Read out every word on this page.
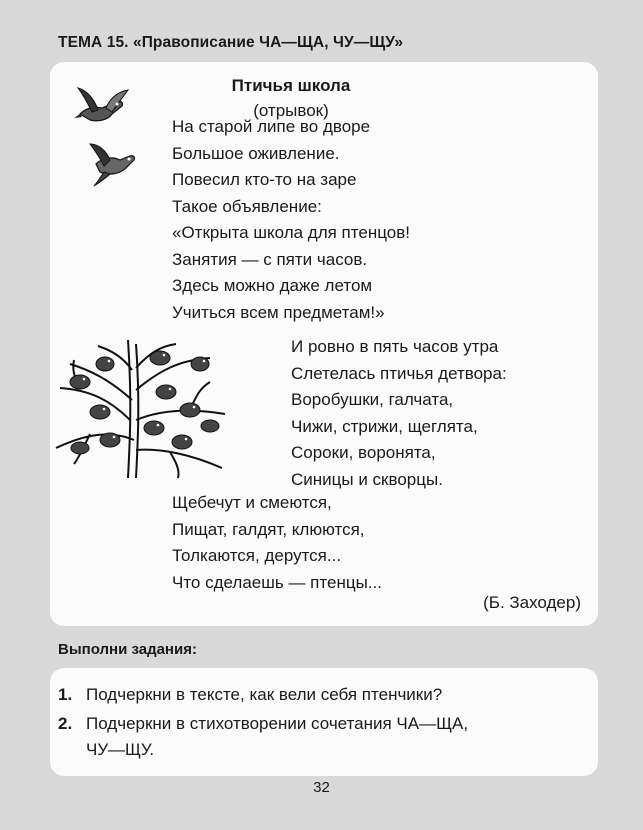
ТЕМА 15. «Правописание ЧА—ЩА, ЧУ—ЩУ»
Птичья школа
(отрывок)
На старой липе во дворе
Большое оживление.
Повесил кто-то на заре
Такое объявление:
«Открыта школа для птенцов!
Занятия — с пяти часов.
Здесь можно даже летом
Учиться всем предметам!»
И ровно в пять часов утра
Слетелась птичья детвора:
Воробушки, галчата,
Чижи, стрижи, щеглята,
Сороки, воронята,
Синицы и скворцы.
Щебечут и смеются,
Пищат, галдят, клюются,
Толкаются, дерутся...
Что сделаешь — птенцы...
(Б. Заходер)
Выполни задания:
1. Подчеркни в тексте, как вели себя птенчики?
2. Подчеркни в стихотворении сочетания ЧА—ЩА,
ЧУ—ЩУ.
32
